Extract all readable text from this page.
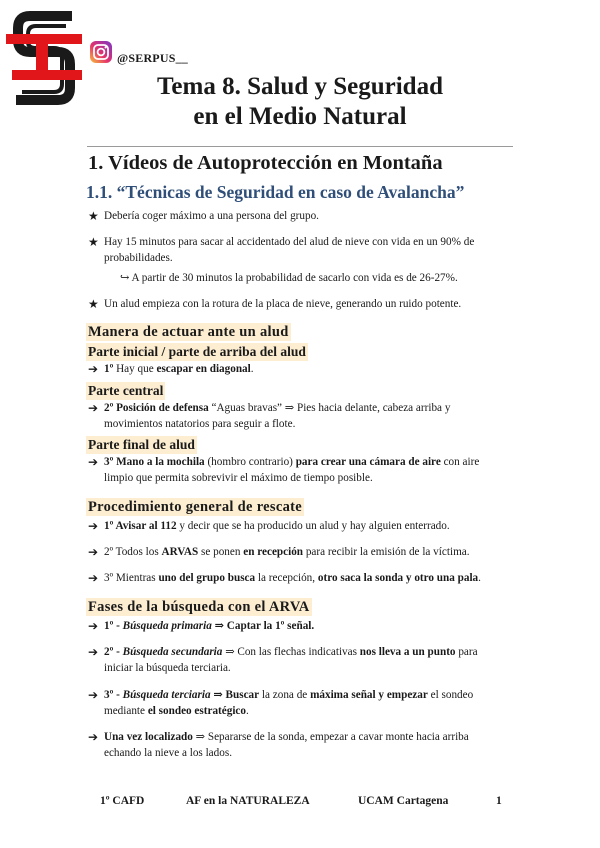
@SERPUS__
Tema 8. Salud y Seguridad
en el Medio Natural
1. Vídeos de Autoprotección en Montaña
1.1. “Técnicas de Seguridad en caso de Avalancha”
★ Debería coger máximo a una persona del grupo.
★ Hay 15 minutos para sacar al accidentado del alud de nieve con vida en un 90% de
probabilidades.
↪ A partir de 30 minutos la probabilidad de sacarlo con vida es de 26-27%.
★ Un alud empieza con la rotura de la placa de nieve, generando un ruido potente.
Manera de actuar ante un alud
Parte inicial / parte de arriba del alud
➔ 1º Hay que escapar en diagonal.
Parte central
➔ 2º Posición de defensa “Aguas bravas” ⇒ Pies hacia delante, cabeza arriba y
movimientos natatorios para seguir a flote.
Parte final de alud
➔ 3º Mano a la mochila (hombro contrario) para crear una cámara de aire con aire
limpio que permita sobrevivir el máximo de tiempo posible.
Procedimiento general de rescate
➔ 1º Avisar al 112 y decir que se ha producido un alud y hay alguien enterrado.
➔ 2º Todos los ARVAS se ponen en recepción para recibir la emisión de la víctima.
➔ 3º Mientras uno del grupo busca la recepción, otro saca la sonda y otro una pala.
Fases de la búsqueda con el ARVA
➔ 1º - Búsqueda primaria ⇒ Captar la 1º señal.
➔ 2º - Búsqueda secundaria ⇒ Con las flechas indicativas nos lleva a un punto para
iniciar la búsqueda terciaria.
➔ 3º - Búsqueda terciaria ⇒ Buscar la zona de máxima señal y empezar el sondeo
mediante el sondeo estratégico.
➔ Una vez localizado ⇒ Separarse de la sonda, empezar a cavar monte hacia arriba
echando la nieve a los lados.
1º CAFD	AF en la NATURALEZA	UCAM Cartagena	1
